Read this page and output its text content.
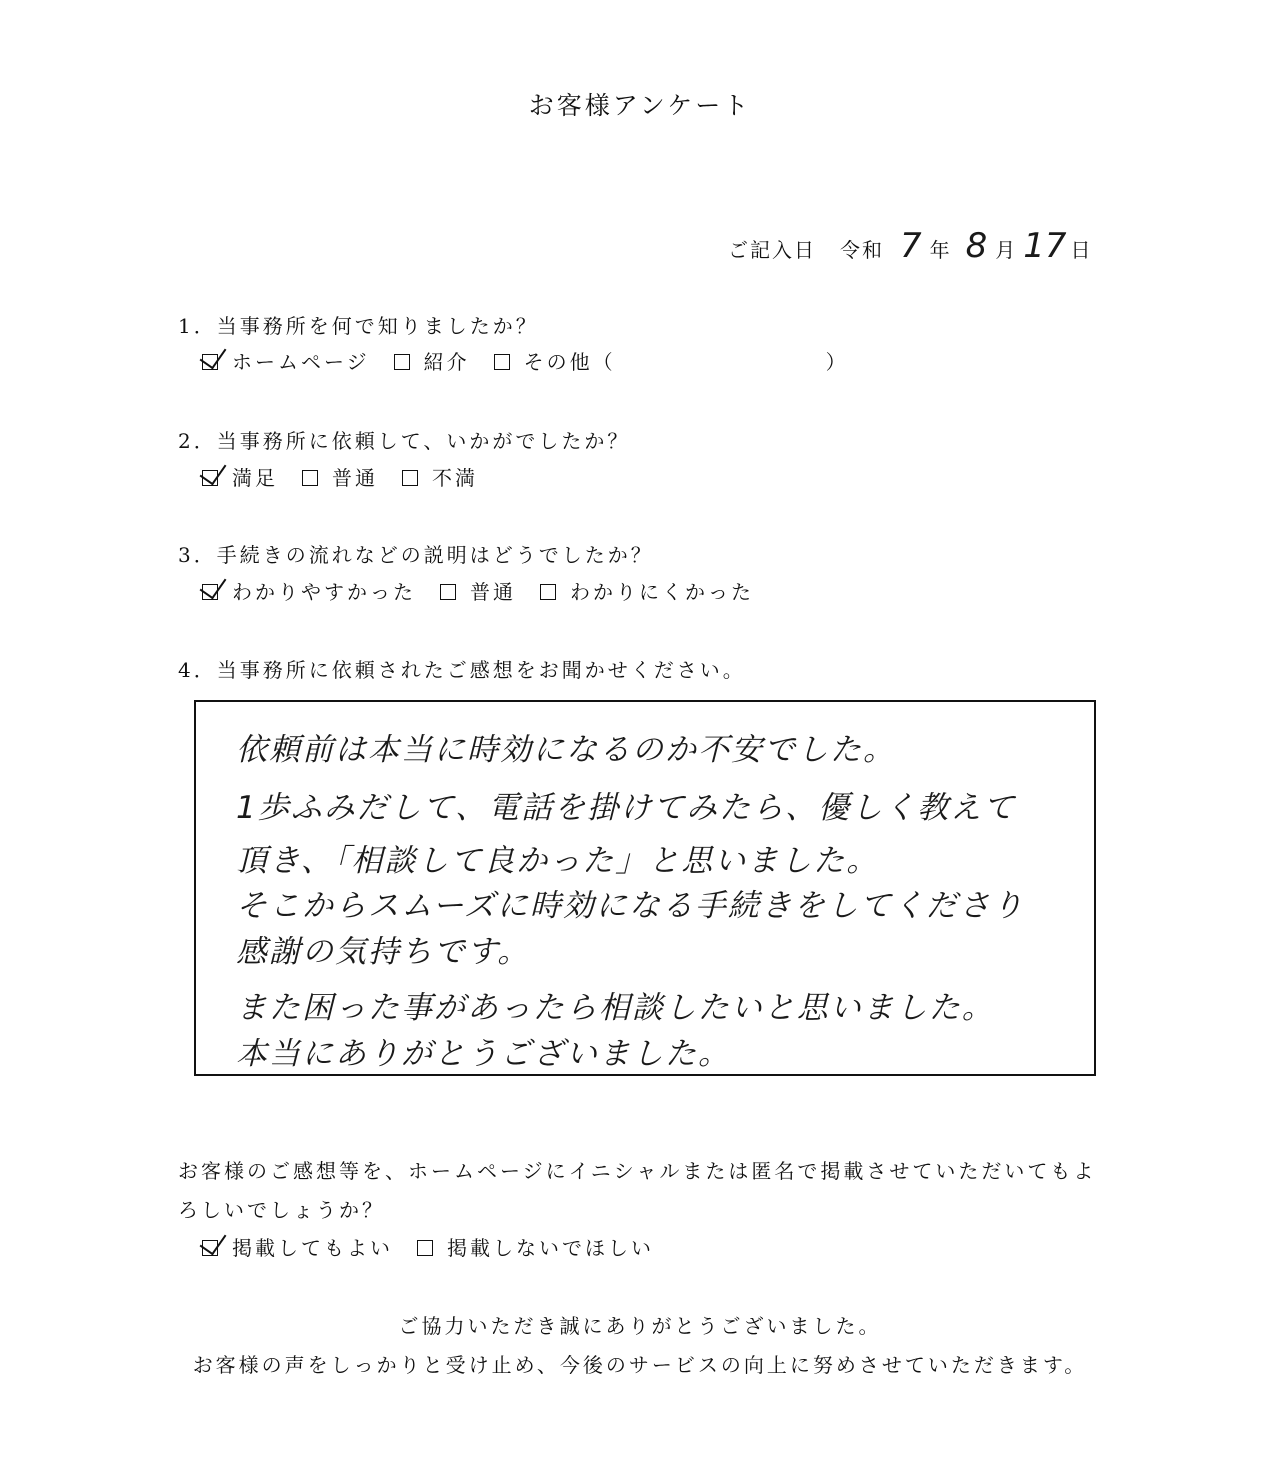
お客様アンケート
ご記入日 令和 7 年 8 月 17 日
1．当事務所を何で知りましたか？
ホームページ	紹介	その他（	）
2．当事務所に依頼して、いかがでしたか？
満足	普通	不満
3．手続きの流れなどの説明はどうでしたか？
わかりやすかった	普通	わかりにくかった
4．当事務所に依頼されたご感想をお聞かせください。
依頼前は本当に時効になるのか不安でした。
1歩ふみだして、電話を掛けてみたら、優しく教えて
頂き、「相談して良かった」と思いました。
そこからスムーズに時効になる手続きをしてくださり
感謝の気持ちです。
また困った事があったら相談したいと思いました。
本当にありがとうございました。
お客様のご感想等を、ホームページにイニシャルまたは匿名で掲載させていただいてもよ
ろしいでしょうか？
掲載してもよい	掲載しないでほしい
ご協力いただき誠にありがとうございました。
お客様の声をしっかりと受け止め、今後のサービスの向上に努めさせていただきます。
